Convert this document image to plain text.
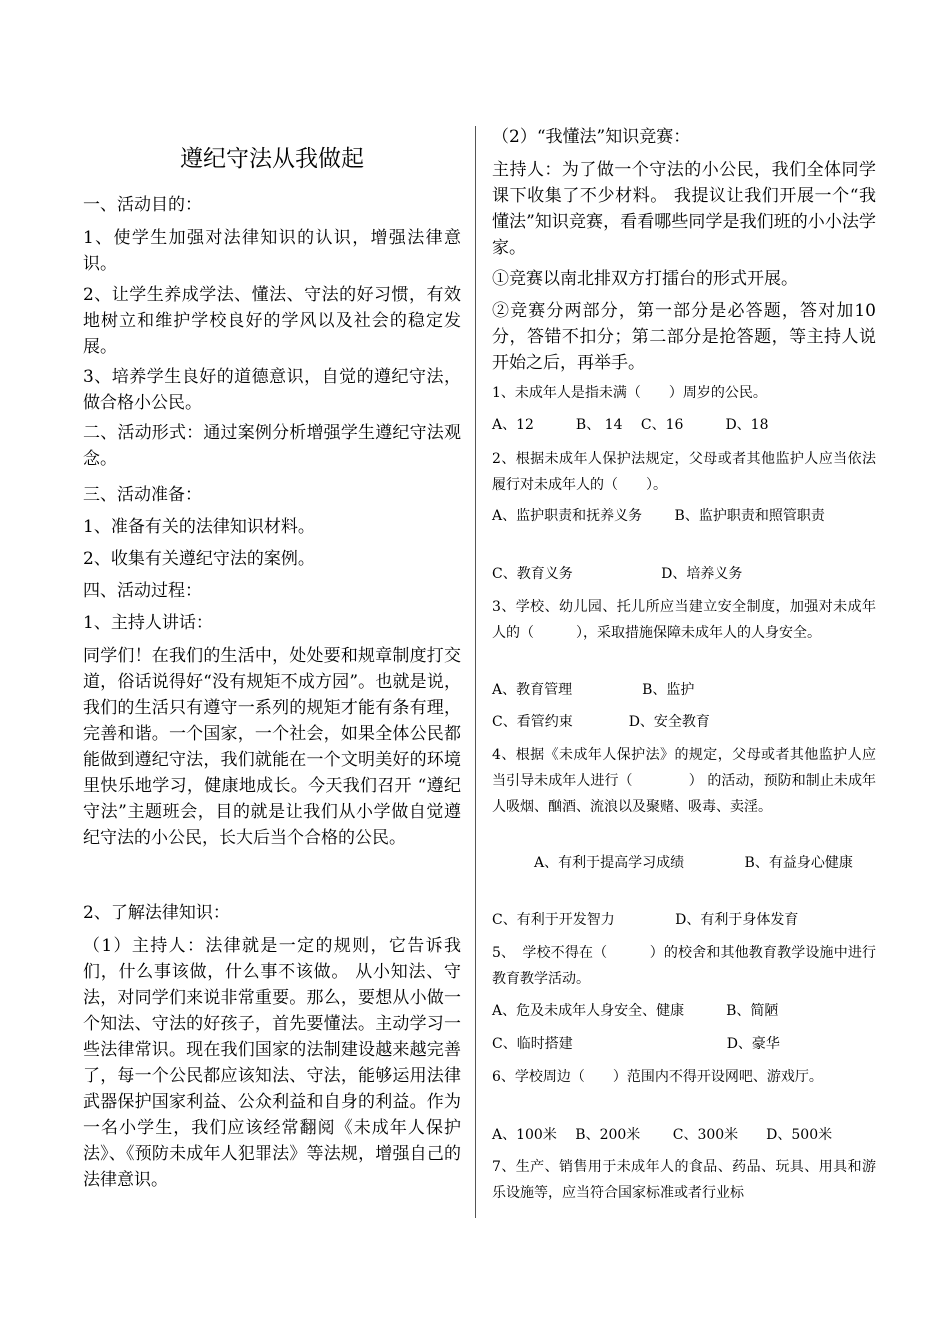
遵纪守法从我做起

一、活动目的：

1、使学生加强对法律知识的认识，增强法律意识。

2、让学生养成学法、懂法、守法的好习惯，有效地树立和维护学校良好的学风以及社会的稳定发展。

3、培养学生良好的道德意识，自觉的遵纪守法，做合格小公民。

二、活动形式：通过案例分析增强学生遵纪守法观念。

三、活动准备：

1、准备有关的法律知识材料。

2、收集有关遵纪守法的案例。

四、活动过程：

1、主持人讲话：

同学们！在我们的生活中，处处要和规章制度打交道，俗话说得好“没有规矩不成方园”。也就是说，我们的生活只有遵守一系列的规矩才能有条有理，完善和谐。一个国家，一个社会，如果全体公民都能做到遵纪守法，我们就能在一个文明美好的环境里快乐地学习，健康地成长。今天我们召开 “遵纪守法”主题班会，目的就是让我们从小学做自觉遵纪守法的小公民，长大后当个合格的公民。

2、了解法律知识：

（1）主持人：法律就是一定的规则，它告诉我们，什么事该做，什么事不该做。 从小知法、守法，对同学们来说非常重要。那么，要想从小做一个知法、守法的好孩子，首先要懂法。主动学习一些法律常识。现在我们国家的法制建设越来越完善了，每一个公民都应该知法、守法，能够运用法律武器保护国家利益、公众利益和自身的利益。作为一名小学生，我们应该经常翻阅《未成年人保护法》、《预防未成年人犯罪法》等法规，增强自己的法律意识。

（2）“我懂法”知识竞赛：

主持人：为了做一个守法的小公民，我们全体同学课下收集了不少材料。 我提议让我们开展一个“我懂法”知识竞赛，看看哪些同学是我们班的小小法学家。

①竞赛以南北排双方打擂台的形式开展。

②竞赛分两部分，第一部分是必答题，答对加10 分，答错不扣分；第二部分是抢答题，等主持人说开始之后，再举手。

1、未成年人是指未满（　　）周岁的公民。

A、12　　　B、 14　 C、16　　　D、18

2、根据未成年人保护法规定，父母或者其他监护人应当依法履行对未成年人的（　　）。

A、监护职责和抚养义务　　 B、监护职责和照管职责

C、教育义务　　　　　　 D、培养义务

3、学校、幼儿园、托儿所应当建立安全制度，加强对未成年人的（　　　），采取措施保障未成年人的人身安全。

A、教育管理　　　　　B、监护

C、看管约束　　　　D、安全教育

4、根据《未成年人保护法》的规定，父母或者其他监护人应当引导未成年人进行（　　　　） 的活动，预防和制止未成年人吸烟、酗酒、流浪以及聚赌、吸毒、卖淫。

　　　A、有利于提高学习成绩　　　　 B、有益身心健康

C、有利于开发智力　　　　 D、有利于身体发育

5、　学校不得在（　　　）的校舍和其他教育教学设施中进行教育教学活动。

A、危及未成年人身安全、健康　　　B、简陋

C、临时搭建　　　　　　　　　　　D、豪华

6、学校周边（　　）范围内不得开设网吧、游戏厅。

A、100米　 B、200米　　 C、300米　　D、500米

7、生产、销售用于未成年人的食品、药品、玩具、用具和游乐设施等，应当符合国家标准或者行业标
